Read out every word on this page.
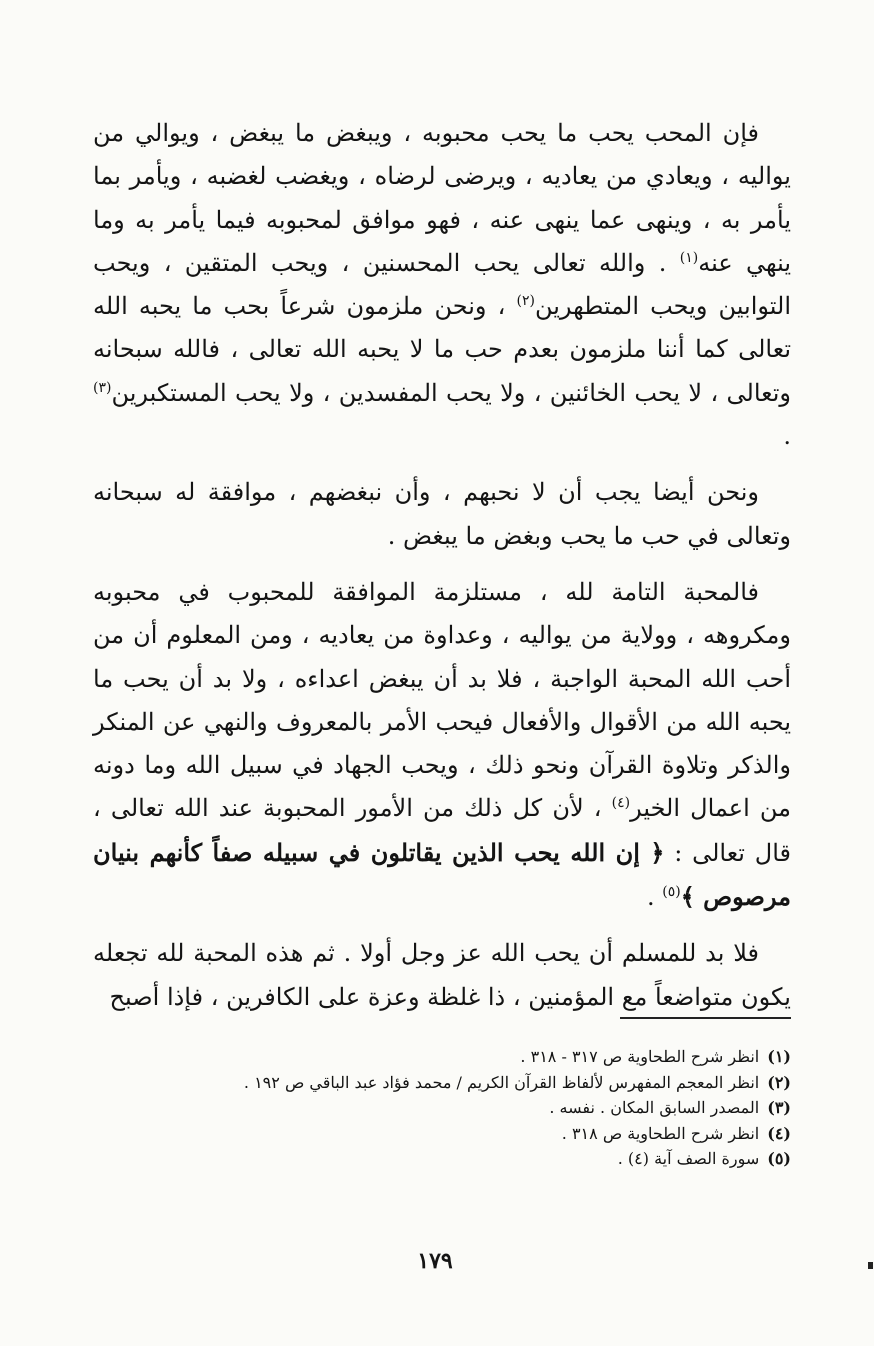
فإن المحب يحب ما يحب محبوبه ، ويبغض ما يبغض ، ويوالي من يواليه ، ويعادي من يعاديه ، ويرضى لرضاه ، ويغضب لغضبه ، ويأمر بما يأمر به ، وينهى عما ينهى عنه ، فهو موافق لمحبوبه فيما يأمر به وما ينهي عنه$^{(١)}$ . والله تعالى يحب المحسنين ، ويحب المتقين ، ويحب التوابين ويحب المتطهرين$^{(٢)}$ ، ونحن ملزمون شرعاً بحب ما يحبه الله تعالى كما أننا ملزمون بعدم حب ما لا يحبه الله تعالى ، فالله سبحانه وتعالى ، لا يحب الخائنين ، ولا يحب المفسدين ، ولا يحب المستكبرين$^{(٣)}$ .

ونحن أيضا يجب أن لا نحبهم ، وأن نبغضهم ، موافقة له سبحانه وتعالى في حب ما يحب وبغض ما يبغض .

فالمحبة التامة لله ، مستلزمة الموافقة للمحبوب في محبوبه ومكروهه ، وولاية من يواليه ، وعداوة من يعاديه ، ومن المعلوم أن من أحب الله المحبة الواجبة ، فلا بد أن يبغض اعداءه ، ولا بد أن يحب ما يحبه الله من الأقوال والأفعال فيحب الأمر بالمعروف والنهي عن المنكر والذكر وتلاوة القرآن ونحو ذلك ، ويحب الجهاد في سبيل الله وما دونه من اعمال الخير$^{(٤)}$ ، لأن كل ذلك من الأمور المحبوبة عند الله تعالى ، قال تعالى : ﴿ إن الله يحب الذين يقاتلون في سبيله صفاً كأنهم بنيان مرصوص ﴾$^{(٥)}$ .

فلا بد للمسلم أن يحب الله عز وجل أولا . ثم هذه المحبة لله تجعله يكون متواضعاً مع المؤمنين ، ذا غلظة وعزة على الكافرين ، فإذا أصبح

(١)انظر شرح الطحاوية ص ٣١٧ - ٣١٨ .

(٢)انظر المعجم المفهرس لألفاظ القرآن الكريم / محمد فؤاد عبد الباقي ص ١٩٢ .

(٣)المصدر السابق المكان . نفسه .

(٤)انظر شرح الطحاوية ص ٣١٨ .

(٥)سورة الصف آية (٤) .

١٧٩
